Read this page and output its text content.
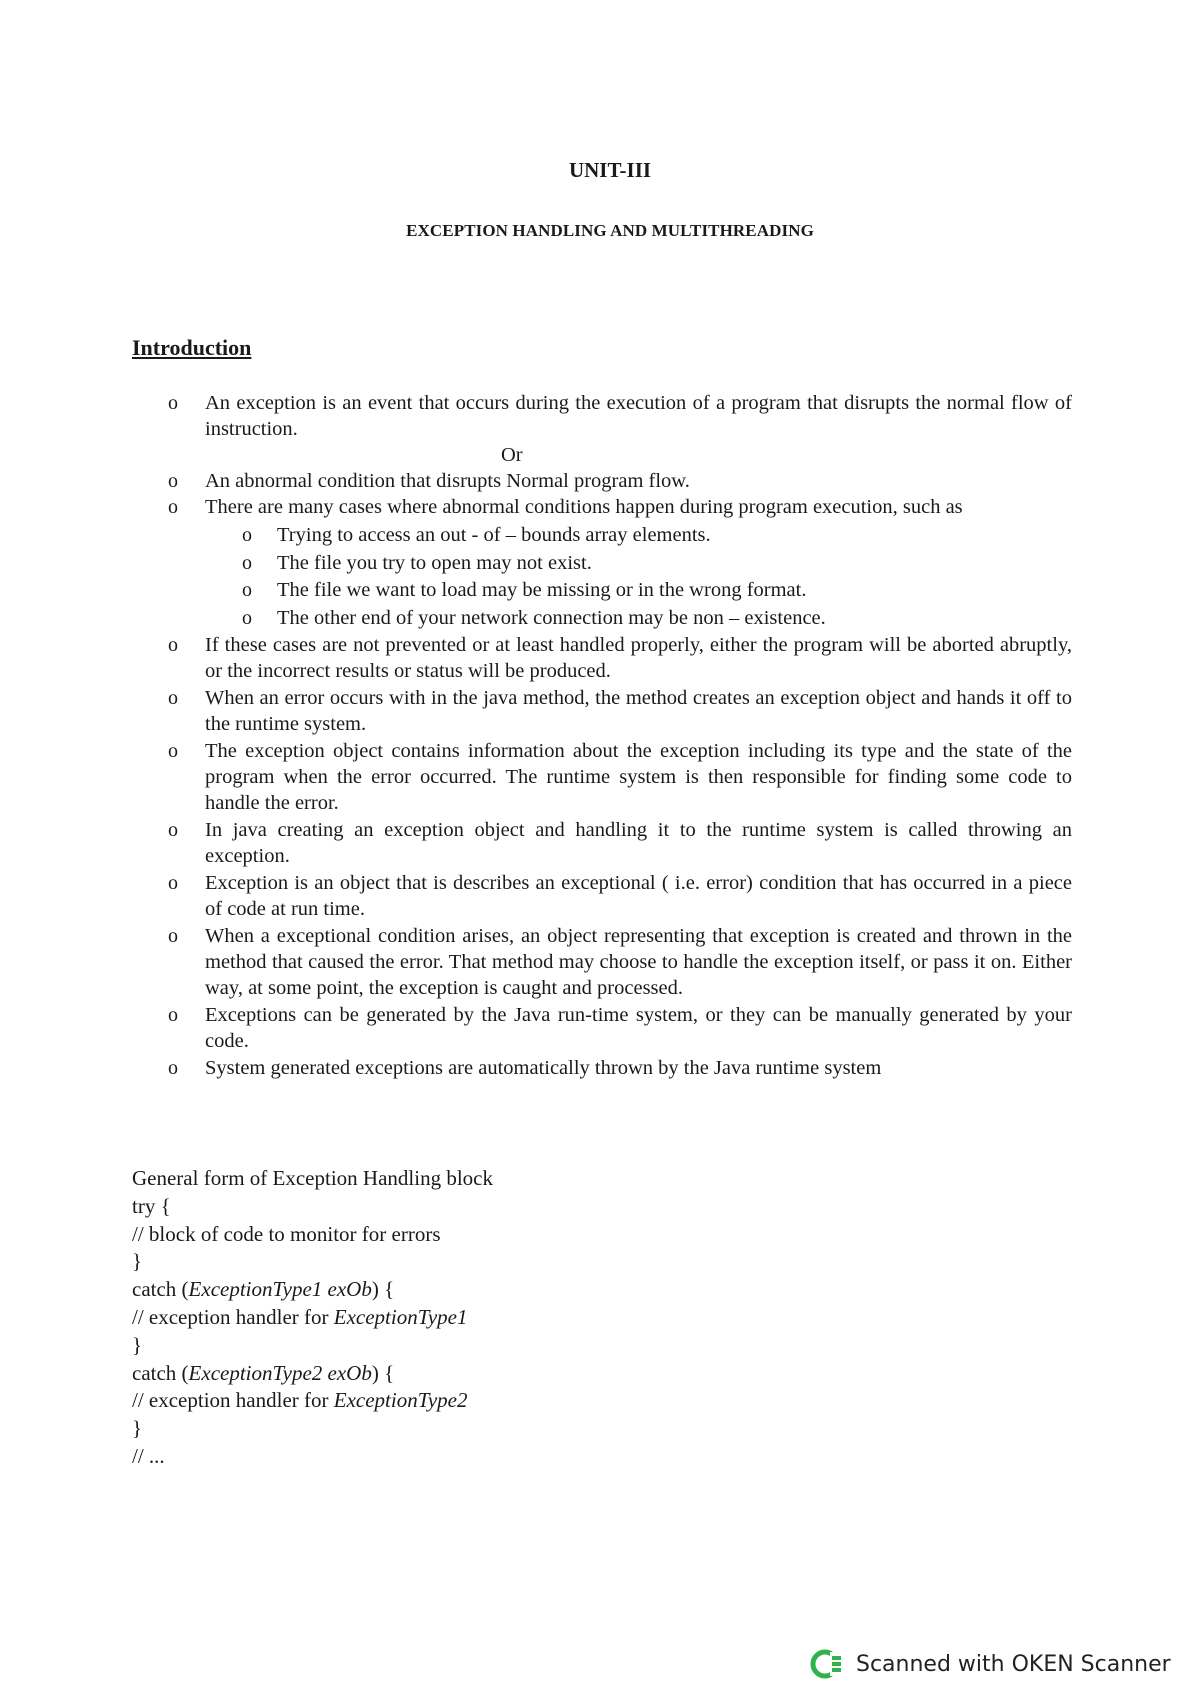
UNIT-III
EXCEPTION HANDLING AND MULTITHREADING
Introduction
o An exception is an event that occurs during the execution of a program that disrupts the normal flow of instruction.
Or
o An abnormal condition that disrupts Normal program flow.
o There are many cases where abnormal conditions happen during program execution, such as
o Trying to access an out - of – bounds array elements.
o The file you try to open may not exist.
o The file we want to load may be missing or in the wrong format.
o The other end of your network connection may be non – existence.
o If these cases are not prevented or at least handled properly, either the program will be aborted abruptly, or the incorrect results or status will be produced.
o When an error occurs with in the java method, the method creates an exception object and hands it off to the runtime system.
o The exception object contains information about the exception including its type and the state of the program when the error occurred. The runtime system is then responsible for finding some code to handle the error.
o In java creating an exception object and handling it to the runtime system is called throwing an exception.
o Exception is an object that is describes an exceptional ( i.e. error) condition that has occurred in a piece of code at run time.
o When a exceptional condition arises, an object representing that exception is created and thrown in the method that caused the error. That method may choose to handle the exception itself, or pass it on. Either way, at some point, the exception is caught and processed.
o Exceptions can be generated by the Java run-time system, or they can be manually generated by your code.
o System generated exceptions are automatically thrown by the Java runtime system
General form of Exception Handling block
try {
// block of code to monitor for errors
}
catch (ExceptionType1 exOb) {
// exception handler for ExceptionType1
}
catch (ExceptionType2 exOb) {
// exception handler for ExceptionType2
}
// ...
Scanned with OKEN Scanner
